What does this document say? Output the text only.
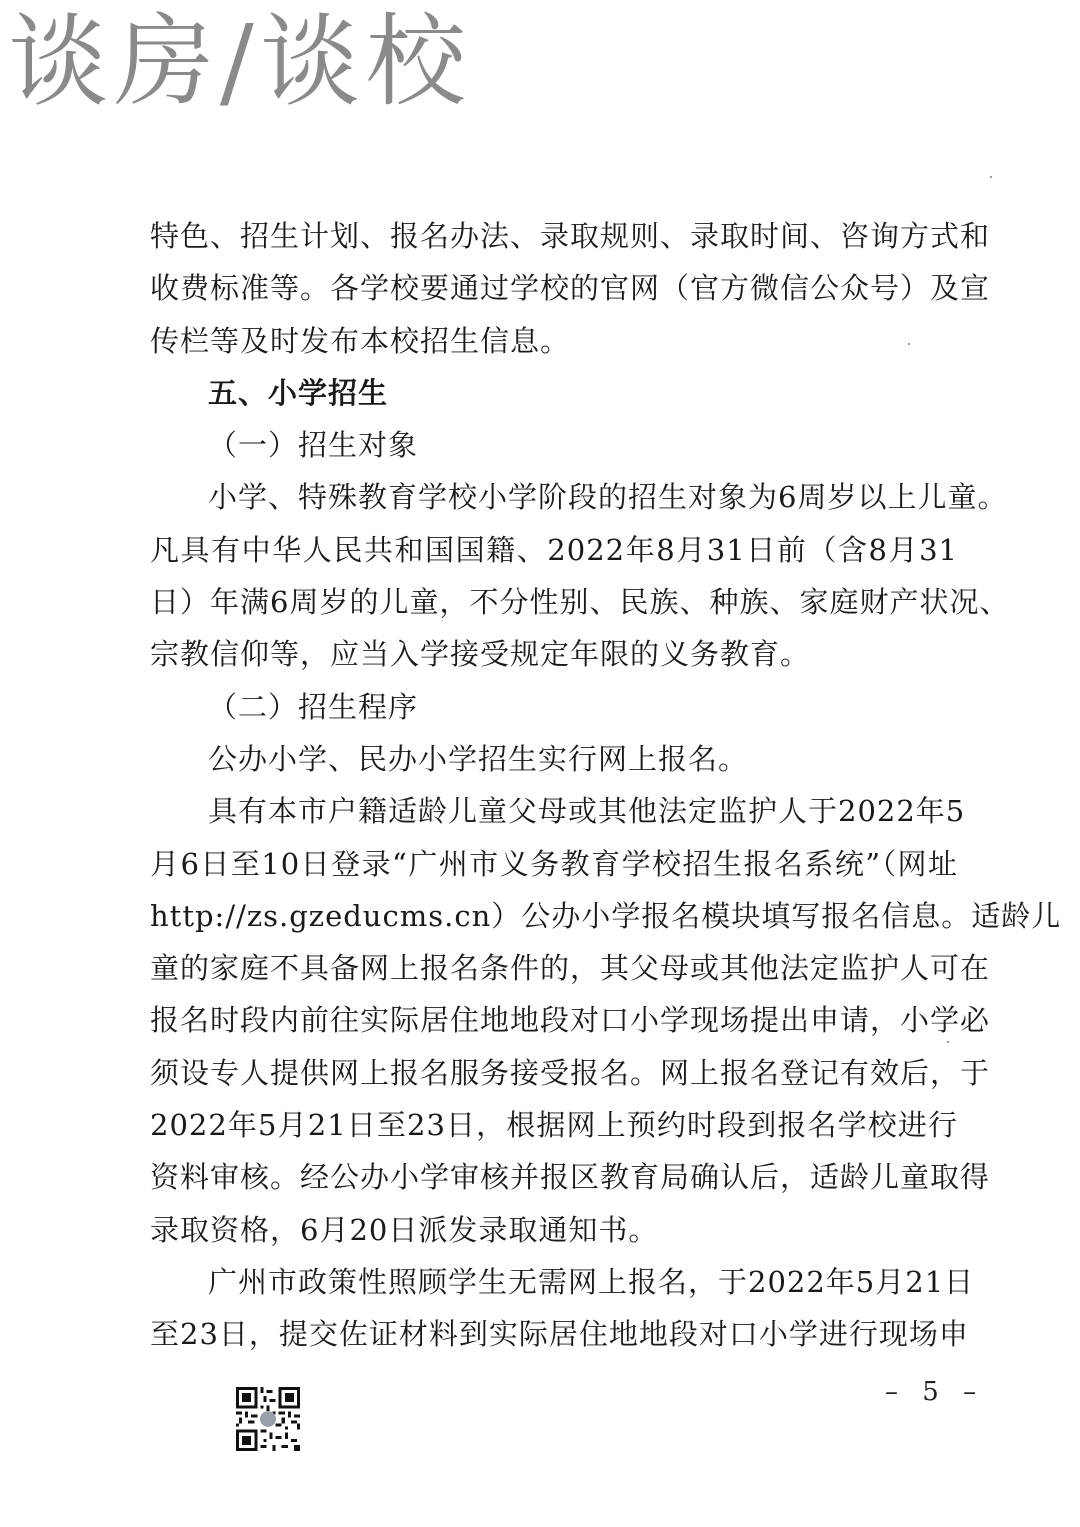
谈房/谈校
特色、招生计划、报名办法、录取规则、录取时间、咨询方式和
收费标准等。各学校要通过学校的官网（官方微信公众号）及宣
传栏等及时发布本校招生信息。
五、小学招生
（一）招生对象
小学、特殊教育学校小学阶段的招生对象为6周岁以上儿童。
凡具有中华人民共和国国籍、2022年8月31日前（含8月31
日）年满6周岁的儿童，不分性别、民族、种族、家庭财产状况、
宗教信仰等，应当入学接受规定年限的义务教育。
（二）招生程序
公办小学、民办小学招生实行网上报名。
具有本市户籍适龄儿童父母或其他法定监护人于2022年5
月6日至10日登录“广州市义务教育学校招生报名系统”（网址
http://zs.gzeducms.cn）公办小学报名模块填写报名信息。适龄儿
童的家庭不具备网上报名条件的，其父母或其他法定监护人可在
报名时段内前往实际居住地地段对口小学现场提出申请，小学必
须设专人提供网上报名服务接受报名。网上报名登记有效后，于
2022年5月21日至23日，根据网上预约时段到报名学校进行
资料审核。经公办小学审核并报区教育局确认后，适龄儿童取得
录取资格，6月20日派发录取通知书。
广州市政策性照顾学生无需网上报名，于2022年5月21日
至23日，提交佐证材料到实际居住地地段对口小学进行现场申
– 5 –
